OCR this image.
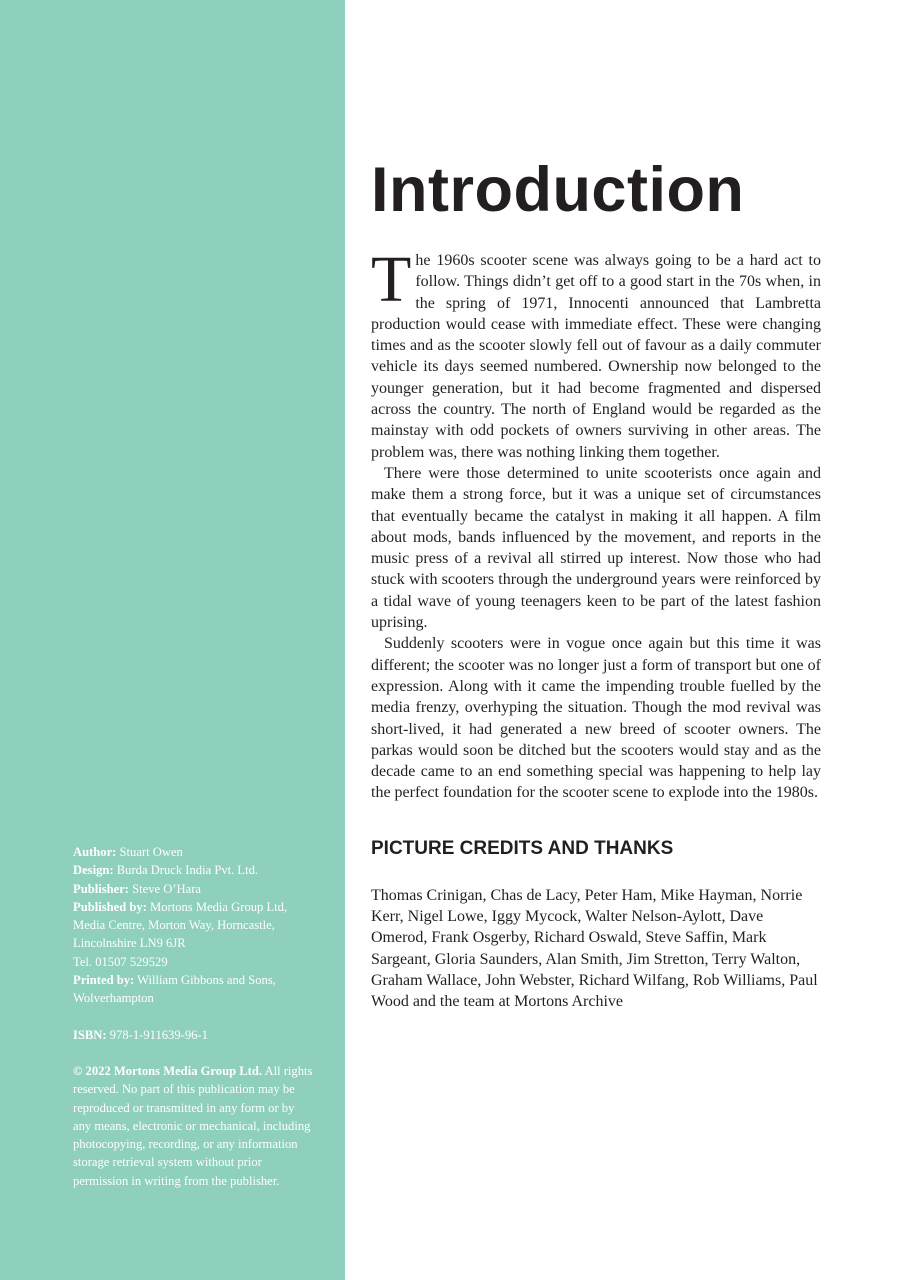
Author: Stuart Owen

Design: Burda Druck India Pvt. Ltd.

Publisher: Steve O’Hara

Published by: Mortons Media Group Ltd, Media Centre, Morton Way, Horncastle, Lincolnshire LN9 6JR

Tel. 01507 529529

Printed by: William Gibbons and Sons, Wolverhampton

ISBN: 978-1-911639-96-1

© 2022 Mortons Media Group Ltd. All rights reserved. No part of this publication may be reproduced or transmitted in any form or by any means, electronic or mechanical, including photocopying, recording, or any information storage retrieval system without prior permission in writing from the publisher.

Introduction

The 1960s scooter scene was always going to be a hard act to follow. Things didn’t get off to a good start in the 70s when, in the spring of 1971, Innocenti announced that Lambretta production would cease with immediate effect. These were changing times and as the scooter slowly fell out of favour as a daily commuter vehicle its days seemed numbered. Ownership now belonged to the younger generation, but it had become fragmented and dispersed across the country. The north of England would be regarded as the mainstay with odd pockets of owners surviving in other areas. The problem was, there was nothing linking them together.

There were those determined to unite scooterists once again and make them a strong force, but it was a unique set of circumstances that eventually became the catalyst in making it all happen. A film about mods, bands influenced by the movement, and reports in the music press of a revival all stirred up interest. Now those who had stuck with scooters through the underground years were reinforced by a tidal wave of young teenagers keen to be part of the latest fashion uprising.

Suddenly scooters were in vogue once again but this time it was different; the scooter was no longer just a form of transport but one of expression. Along with it came the impending trouble fuelled by the media frenzy, overhyping the situation. Though the mod revival was short-lived, it had generated a new breed of scooter owners. The parkas would soon be ditched but the scooters would stay and as the decade came to an end something special was happening to help lay the perfect foundation for the scooter scene to explode into the 1980s.

PICTURE CREDITS AND THANKS
Thomas Crinigan, Chas de Lacy, Peter Ham, Mike Hayman, Norrie Kerr, Nigel Lowe, Iggy Mycock, Walter Nelson-Aylott, Dave Omerod, Frank Osgerby, Richard Oswald, Steve Saffin, Mark Sargeant, Gloria Saunders, Alan Smith, Jim Stretton, Terry Walton, Graham Wallace, John Webster, Richard Wilfang, Rob Williams, Paul Wood and the team at Mortons Archive
